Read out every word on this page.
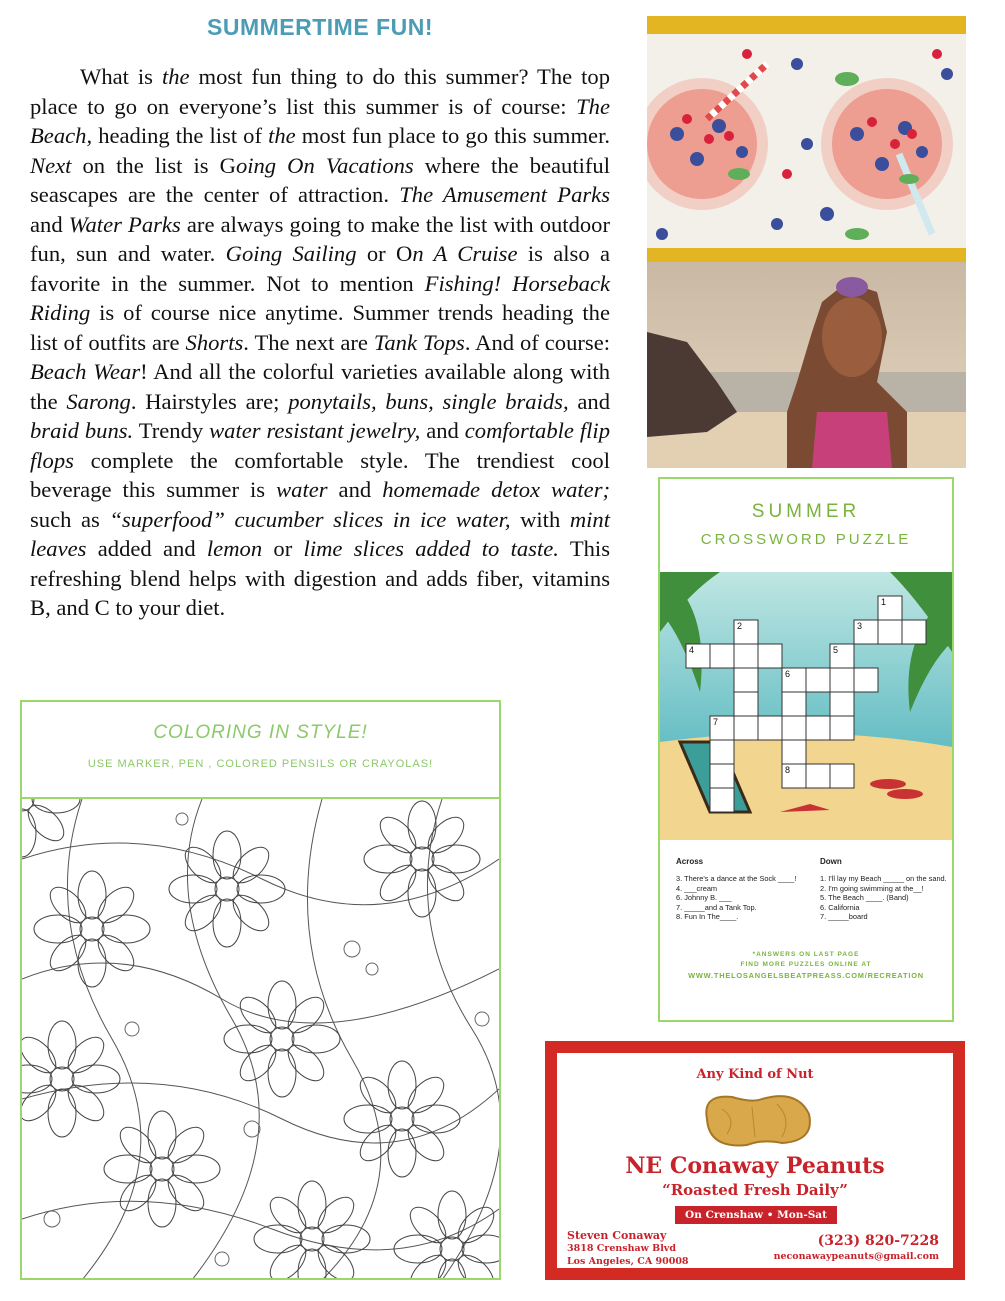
SUMMERTIME FUN!

What is the most fun thing to do this summer? The top place to go on everyone’s list this summer is of course: The Beach, heading the list of the most fun place to go this summer. Next on the list is Going On Vacations where the beautiful seascapes are the center of attraction. The Amusement Parks and Water Parks are always going to make the list with outdoor fun, sun and water. Going Sailing or On A Cruise is also a favorite in the summer. Not to mention Fishing! Horseback Riding is of course nice anytime. Summer trends heading the list of outfits are Shorts. The next are Tank Tops. And of course: Beach Wear! And all the colorful varieties available along with the Sarong. Hairstyles are; ponytails, buns, single braids, and braid buns. Trendy water resistant jewelry, and comfortable flip flops complete the comfortable style. The trendiest cool beverage this summer is water and homemade detox water; such as “superfood” cucumber slices in ice water, with mint leaves added and lemon or lime slices added to taste. This refreshing blend helps with digestion and adds fiber, vitamins B, and C to your diet.

SUMMER
CROSSWORD PUZZLE
1
2	3
4	5
6
7
8
Across
3. There's a dance at the Sock ____!
4. ___cream
6. Johnny B. ___
7. _____and a Tank Top.
8. Fun In The____.
Down
1. I'll lay my Beach _____ on the sand.
2. I'm going swimming at the__!
5. The Beach ____. (Band)
6. California
7. _____board
*ANSWERS ON LAST PAGE
FIND MORE PUZZLES ONLINE AT
WWW.THELOSANGELSBEATPREASS.COM/RECREATION
COLORING IN STYLE!
USE MARKER, PEN , COLORED PENSILS OR CRAYOLAS!
Any Kind of Nut
NE Conaway Peanuts
“Roasted Fresh Daily”
On Crenshaw • Mon-Sat
Steven Conaway
3818 Crenshaw Blvd
Los Angeles, CA 90008
(323) 820-7228
neconawaypeanuts@gmail.com
